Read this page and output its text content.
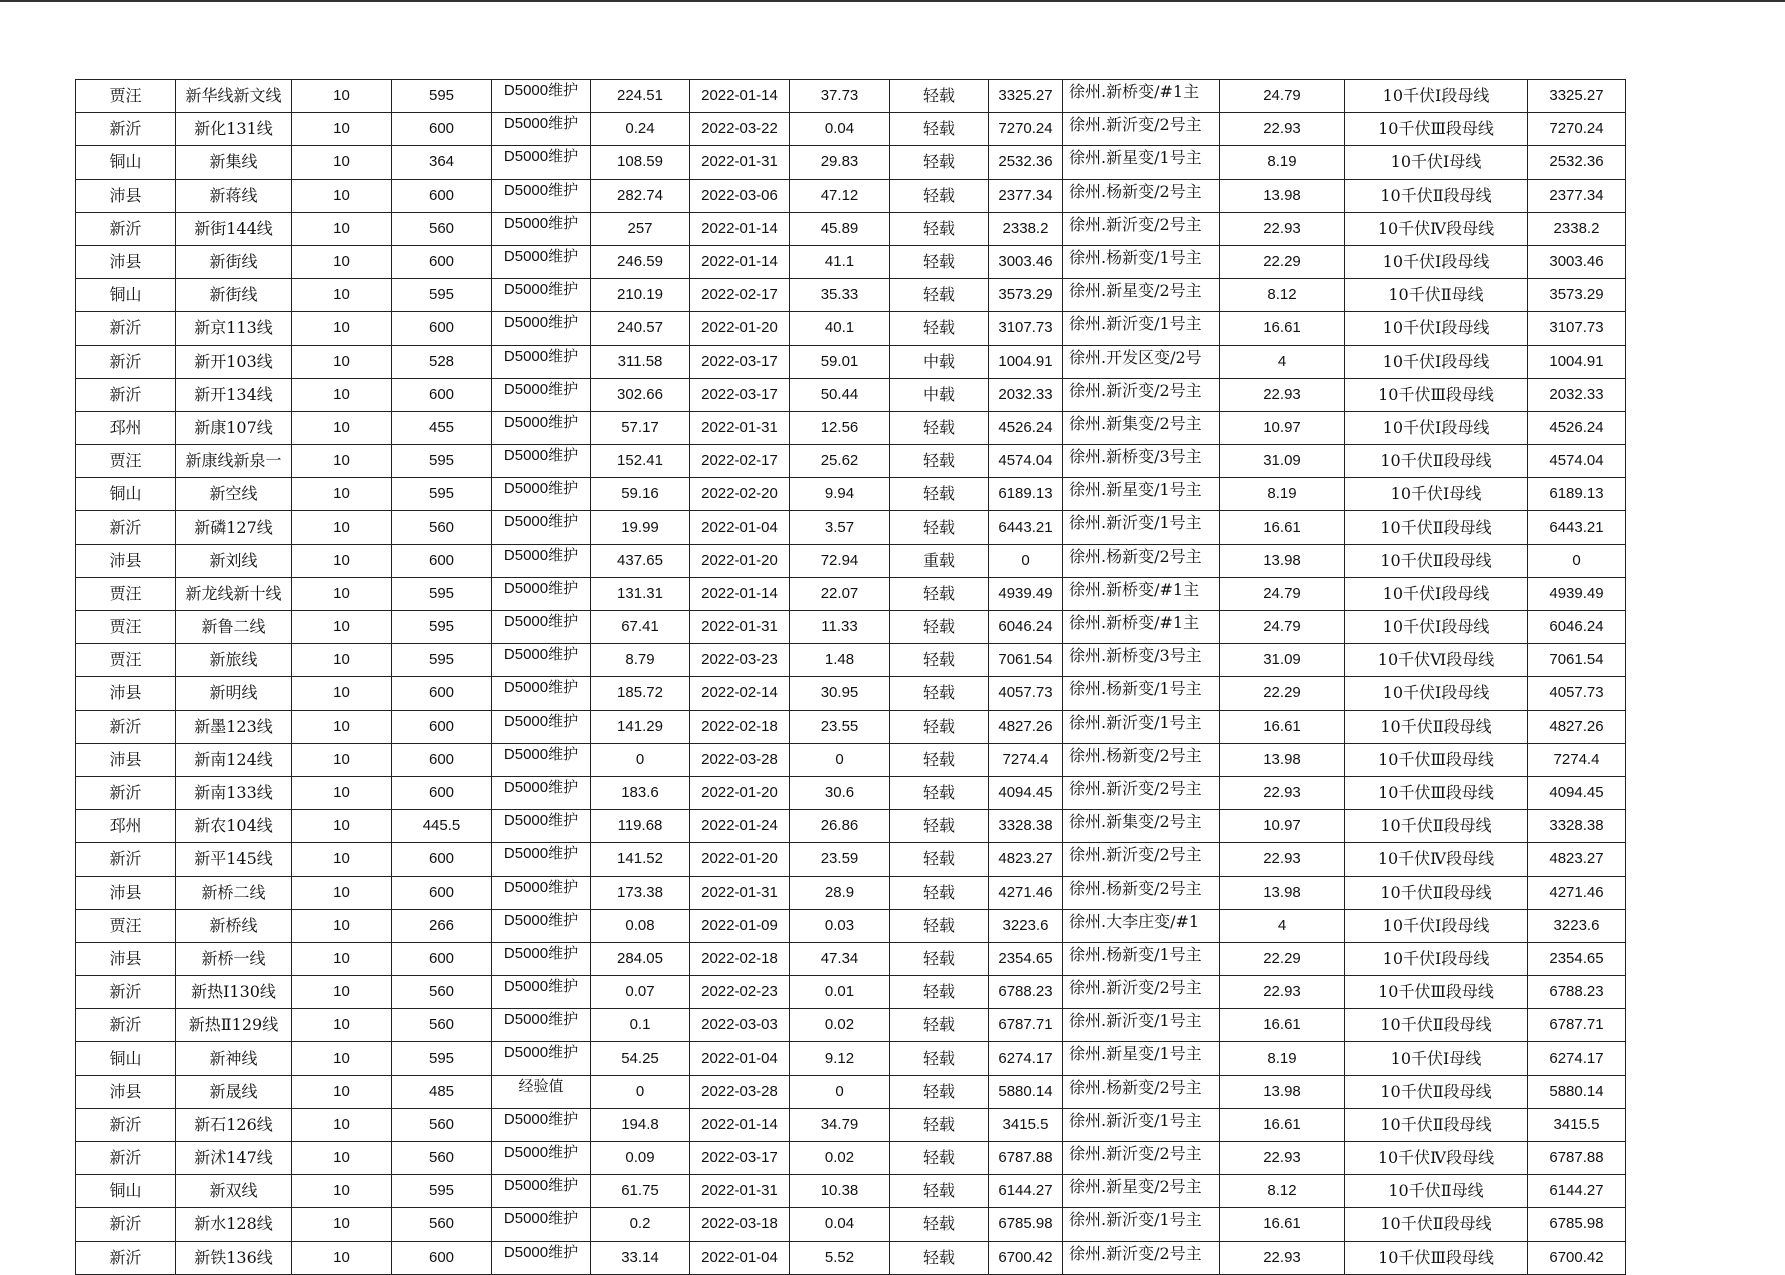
贾汪	新华线新文线	10	595	D5000维护	224.51	2022-01-14	37.73	轻载	3325.27	徐州.新桥变/#1主	24.79	10千伏Ⅰ段母线	3325.27
新沂	新化131线	10	600	D5000维护	0.24	2022-03-22	0.04	轻载	7270.24	徐州.新沂变/2号主	22.93	10千伏Ⅲ段母线	7270.24
铜山	新集线	10	364	D5000维护	108.59	2022-01-31	29.83	轻载	2532.36	徐州.新星变/1号主	8.19	10千伏Ⅰ母线	2532.36
沛县	新蒋线	10	600	D5000维护	282.74	2022-03-06	47.12	轻载	2377.34	徐州.杨新变/2号主	13.98	10千伏Ⅱ段母线	2377.34
新沂	新街144线	10	560	D5000维护	257	2022-01-14	45.89	轻载	2338.2	徐州.新沂变/2号主	22.93	10千伏Ⅳ段母线	2338.2
沛县	新街线	10	600	D5000维护	246.59	2022-01-14	41.1	轻载	3003.46	徐州.杨新变/1号主	22.29	10千伏Ⅰ段母线	3003.46
铜山	新街线	10	595	D5000维护	210.19	2022-02-17	35.33	轻载	3573.29	徐州.新星变/2号主	8.12	10千伏Ⅱ母线	3573.29
新沂	新京113线	10	600	D5000维护	240.57	2022-01-20	40.1	轻载	3107.73	徐州.新沂变/1号主	16.61	10千伏Ⅰ段母线	3107.73
新沂	新开103线	10	528	D5000维护	311.58	2022-03-17	59.01	中载	1004.91	徐州.开发区变/2号	4	10千伏Ⅰ段母线	1004.91
新沂	新开134线	10	600	D5000维护	302.66	2022-03-17	50.44	中载	2032.33	徐州.新沂变/2号主	22.93	10千伏Ⅲ段母线	2032.33
邳州	新康107线	10	455	D5000维护	57.17	2022-01-31	12.56	轻载	4526.24	徐州.新集变/2号主	10.97	10千伏Ⅰ段母线	4526.24
贾汪	新康线新泉一	10	595	D5000维护	152.41	2022-02-17	25.62	轻载	4574.04	徐州.新桥变/3号主	31.09	10千伏Ⅱ段母线	4574.04
铜山	新空线	10	595	D5000维护	59.16	2022-02-20	9.94	轻载	6189.13	徐州.新星变/1号主	8.19	10千伏Ⅰ母线	6189.13
新沂	新磷127线	10	560	D5000维护	19.99	2022-01-04	3.57	轻载	6443.21	徐州.新沂变/1号主	16.61	10千伏Ⅱ段母线	6443.21
沛县	新刘线	10	600	D5000维护	437.65	2022-01-20	72.94	重载	0	徐州.杨新变/2号主	13.98	10千伏Ⅱ段母线	0
贾汪	新龙线新十线	10	595	D5000维护	131.31	2022-01-14	22.07	轻载	4939.49	徐州.新桥变/#1主	24.79	10千伏Ⅰ段母线	4939.49
贾汪	新鲁二线	10	595	D5000维护	67.41	2022-01-31	11.33	轻载	6046.24	徐州.新桥变/#1主	24.79	10千伏Ⅰ段母线	6046.24
贾汪	新旅线	10	595	D5000维护	8.79	2022-03-23	1.48	轻载	7061.54	徐州.新桥变/3号主	31.09	10千伏Ⅵ段母线	7061.54
沛县	新明线	10	600	D5000维护	185.72	2022-02-14	30.95	轻载	4057.73	徐州.杨新变/1号主	22.29	10千伏Ⅰ段母线	4057.73
新沂	新墨123线	10	600	D5000维护	141.29	2022-02-18	23.55	轻载	4827.26	徐州.新沂变/1号主	16.61	10千伏Ⅱ段母线	4827.26
沛县	新南124线	10	600	D5000维护	0	2022-03-28	0	轻载	7274.4	徐州.杨新变/2号主	13.98	10千伏Ⅲ段母线	7274.4
新沂	新南133线	10	600	D5000维护	183.6	2022-01-20	30.6	轻载	4094.45	徐州.新沂变/2号主	22.93	10千伏Ⅲ段母线	4094.45
邳州	新农104线	10	445.5	D5000维护	119.68	2022-01-24	26.86	轻载	3328.38	徐州.新集变/2号主	10.97	10千伏Ⅱ段母线	3328.38
新沂	新平145线	10	600	D5000维护	141.52	2022-01-20	23.59	轻载	4823.27	徐州.新沂变/2号主	22.93	10千伏Ⅳ段母线	4823.27
沛县	新桥二线	10	600	D5000维护	173.38	2022-01-31	28.9	轻载	4271.46	徐州.杨新变/2号主	13.98	10千伏Ⅱ段母线	4271.46
贾汪	新桥线	10	266	D5000维护	0.08	2022-01-09	0.03	轻载	3223.6	徐州.大李庄变/#1	4	10千伏Ⅰ段母线	3223.6
沛县	新桥一线	10	600	D5000维护	284.05	2022-02-18	47.34	轻载	2354.65	徐州.杨新变/1号主	22.29	10千伏Ⅰ段母线	2354.65
新沂	新热Ⅰ130线	10	560	D5000维护	0.07	2022-02-23	0.01	轻载	6788.23	徐州.新沂变/2号主	22.93	10千伏Ⅲ段母线	6788.23
新沂	新热Ⅱ129线	10	560	D5000维护	0.1	2022-03-03	0.02	轻载	6787.71	徐州.新沂变/1号主	16.61	10千伏Ⅱ段母线	6787.71
铜山	新神线	10	595	D5000维护	54.25	2022-01-04	9.12	轻载	6274.17	徐州.新星变/1号主	8.19	10千伏Ⅰ母线	6274.17
沛县	新晟线	10	485	经验值	0	2022-03-28	0	轻载	5880.14	徐州.杨新变/2号主	13.98	10千伏Ⅱ段母线	5880.14
新沂	新石126线	10	560	D5000维护	194.8	2022-01-14	34.79	轻载	3415.5	徐州.新沂变/1号主	16.61	10千伏Ⅱ段母线	3415.5
新沂	新沭147线	10	560	D5000维护	0.09	2022-03-17	0.02	轻载	6787.88	徐州.新沂变/2号主	22.93	10千伏Ⅳ段母线	6787.88
铜山	新双线	10	595	D5000维护	61.75	2022-01-31	10.38	轻载	6144.27	徐州.新星变/2号主	8.12	10千伏Ⅱ母线	6144.27
新沂	新水128线	10	560	D5000维护	0.2	2022-03-18	0.04	轻载	6785.98	徐州.新沂变/1号主	16.61	10千伏Ⅱ段母线	6785.98
新沂	新铁136线	10	600	D5000维护	33.14	2022-01-04	5.52	轻载	6700.42	徐州.新沂变/2号主	22.93	10千伏Ⅲ段母线	6700.42
